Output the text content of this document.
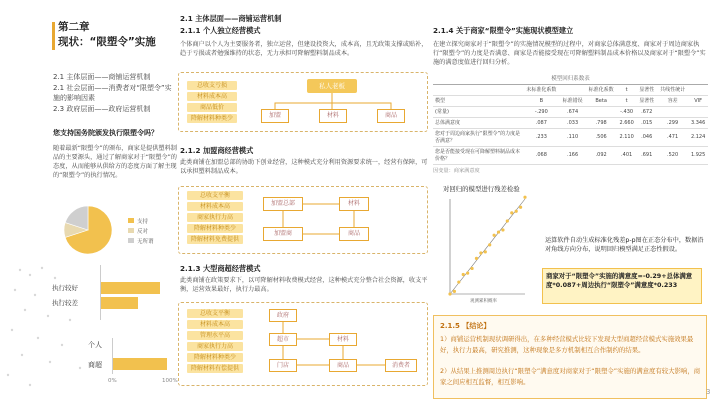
第二章
现状：“限塑令”实施
2.1 主体层面——商铺运营机制
2.1 社会层面——消费者对“限塑令”实施的影响因素
2.3 政府层面——政府运营机制
您支持国务院颁发执行限塑令吗？
随着最新“限塑令”的颁布，商家是提供塑料制品的主要源头，通过了解商家对于“限塑令”的态度，从而能够从供给方的态度方面了解主现的“限塑令”的执行情况。
支持
反对
无所谓
执行较好
执行较差
个人
商超
0%	100%
2.1 主体层面——商铺运营机制
2.1.1 个人独立经营模式
个体商户以个人为主要服务者，独立运营，但建设投资大，成本高，且无政策支撑或贴补，趋于亏损或者勉强维持的状态，无力承担可降解塑料制品成本。
总收支亏损
材料成本高
商品低价
降解材料种类少
私人老板
加盟	材料	商品
2.1.2 加盟商经营模式
此类商铺在加盟总部的协助下创业经营，这种模式充分利用资源要求统一，经营有保障，可以承担塑料制品成本。
总收支平衡
材料成本高
商家执行力高
降解材料种类少
降解材料免费提供
加盟总部
加盟商
材料
商品
2.1.3 大型商超经营模式
此类商铺在政策要求下，以可降解材料收费模式经营，这种模式充分整合社会资源，收支平衡，运营效果最好，执行力最高。
总收支平衡
材料成本高
管理水平高
商家执行力高
降解材料种类少
降解材料有偿提供
政府
超市
门店
材料
商品	消费者
2.1.4 关于商家“限塑令”实施现状模型建立
在建立探究商家对于“限塑令”的实施情况模型的过程中，对商家总体满意度、商家对于周边商家执行“限塑令”的力度是否满意、商家是否能接受现在可降解塑料制品成本价格以及商家对于“限塑令”实施的满意度值进行回归分析。
模型回归系数表
	未标准化系数		标准化系数	t	显著性	共线性统计	
模型	B	标准错误	Beta	t	显著性	容差	VIF
(常量)	-.290	.674		-.430	.672		
总体满意度	.087	.033	.798	2.660	.015	.299	3.346
您对于周边商家执行“限塑令”的力度是否满意？	.233	.110	.506	2.110	.046	.471	2.124
您是否能接受现在可降解塑料制品成本价格？	.068	.166	.092	.401	.691	.520	1.925
因变量：商家满意度
对回归的模型进行残差检验
观测累积概率
运算软件自动生成标准化残差p-p图在正态分布中，数据沿对角线方向分布，说明回归模型满足正态性假设。
商家对于“限塑令”实施的满意度=-0.29+总体满意度*0.087+周边执行“限塑令”满意度*0.233
2.1.5 【结论】
1）商铺运营机制现状调研得出，在多种经营模式比较下发现大型商超经营模式实施效果最好，执行力最高，研究推测，这种现象是多方机制相互合作制约的结果。
2）从结果上推测周边执行“限塑令”满意度对商家对于“限塑令”实施的满意度有较大影响，商家之间应相互监督，相互影响。
3
